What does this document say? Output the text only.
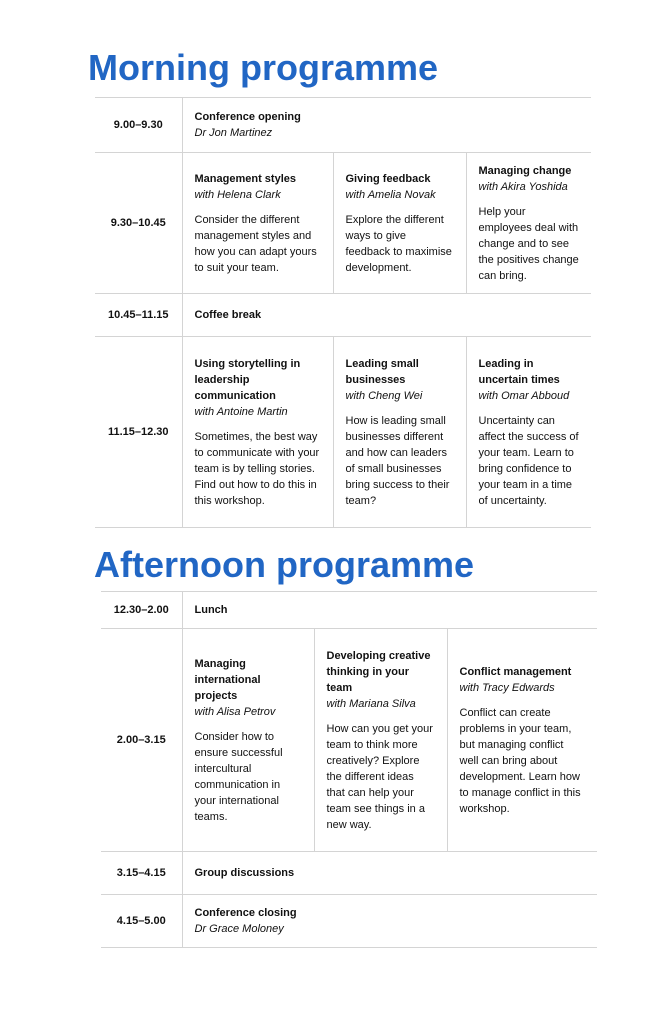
Morning programme
9.00–9.30	Conference opening
Dr Jon Martinez		

9.30–10.45	Management styles
with Helena Clark
Consider the different management styles and how you can adapt yours to suit your team.	Giving feedback
with Amelia Novak
Explore the different ways to give feedback to maximise development.	Managing change
with Akira Yoshida
Help your employees deal with change and to see the positives change can bring.

10.45–11.15	Coffee break		

11.15–12.30	Using storytelling in leadership communication
with Antoine Martin
Sometimes, the best way to communicate with your team is by telling stories. Find out how to do this in this workshop.	Leading small businesses
with Cheng Wei
How is leading small businesses different and how can leaders of small businesses bring success to their team?	Leading in uncertain times
with Omar Abboud
Uncertainty can affect the success of your team. Learn to bring confidence to your team in a time of uncertainty.
Afternoon programme
12.30–2.00	Lunch		

2.00–3.15	Managing international projects
with Alisa Petrov
Consider how to ensure successful intercultural communication in your international teams.	Developing creative thinking in your team
with Mariana Silva
How can you get your team to think more creatively? Explore the different ideas that can help your team see things in a new way.	Conflict management
with Tracy Edwards
Conflict can create problems in your team, but managing conflict well can bring about development. Learn how to manage conflict in this workshop.

3.15–4.15	Group discussions		

4.15–5.00	Conference closing
Dr Grace Moloney		
